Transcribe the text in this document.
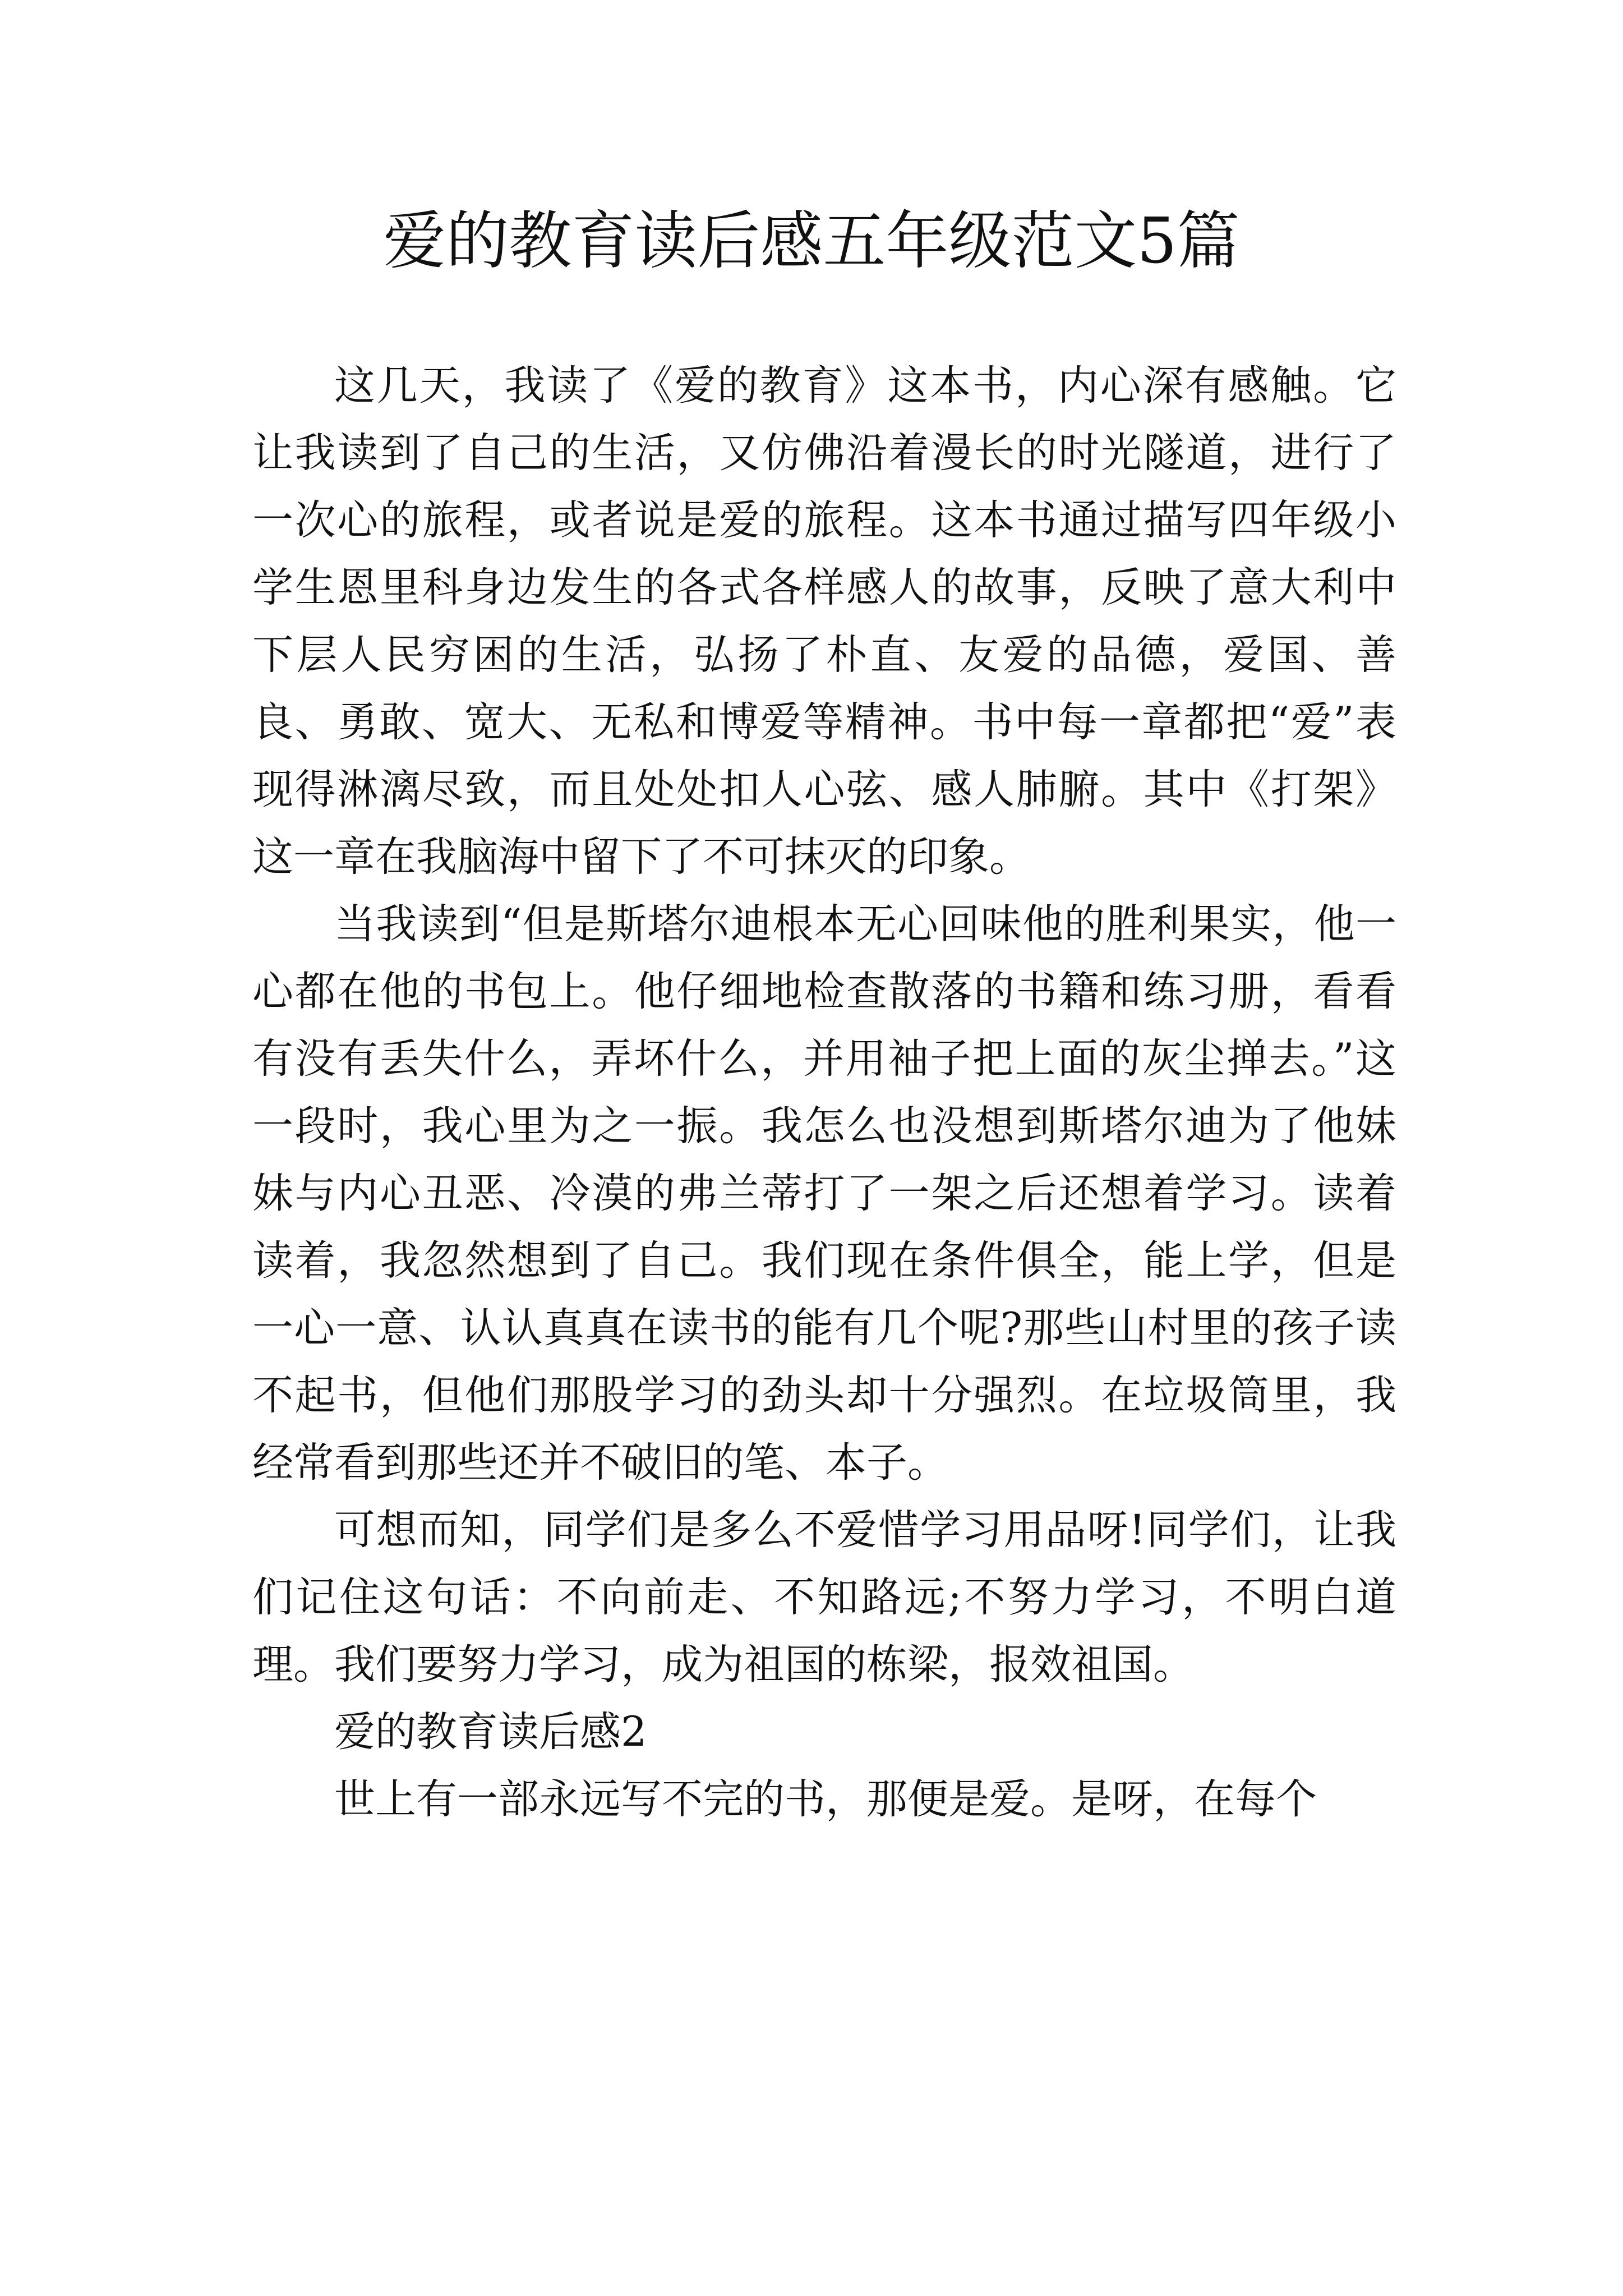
爱的教育读后感五年级范文5篇

这几天，我读了《爱的教育》这本书，内心深有感触。它让我读到了自己的生活，又仿佛沿着漫长的时光隧道，进行了一次心的旅程，或者说是爱的旅程。这本书通过描写四年级小学生恩里科身边发生的各式各样感人的故事，反映了意大利中下层人民穷困的生活，弘扬了朴直、友爱的品德，爱国、善良、勇敢、宽大、无私和博爱等精神。书中每一章都把“爱”表现得淋漓尽致，而且处处扣人心弦、感人肺腑。其中《打架》这一章在我脑海中留下了不可抹灭的印象。

当我读到“但是斯塔尔迪根本无心回味他的胜利果实，他一心都在他的书包上。他仔细地检查散落的书籍和练习册，看看有没有丢失什么，弄坏什么，并用袖子把上面的灰尘掸去。”这一段时，我心里为之一振。我怎么也没想到斯塔尔迪为了他妹妹与内心丑恶、冷漠的弗兰蒂打了一架之后还想着学习。读着读着，我忽然想到了自己。我们现在条件俱全，能上学，但是一心一意、认认真真在读书的能有几个呢?那些山村里的孩子读不起书，但他们那股学习的劲头却十分强烈。在垃圾筒里，我经常看到那些还并不破旧的笔、本子。

可想而知，同学们是多么不爱惜学习用品呀!同学们，让我们记住这句话：不向前走、不知路远;不努力学习，不明白道理。我们要努力学习，成为祖国的栋梁，报效祖国。

爱的教育读后感2

世上有一部永远写不完的书，那便是爱。是呀，在每个
